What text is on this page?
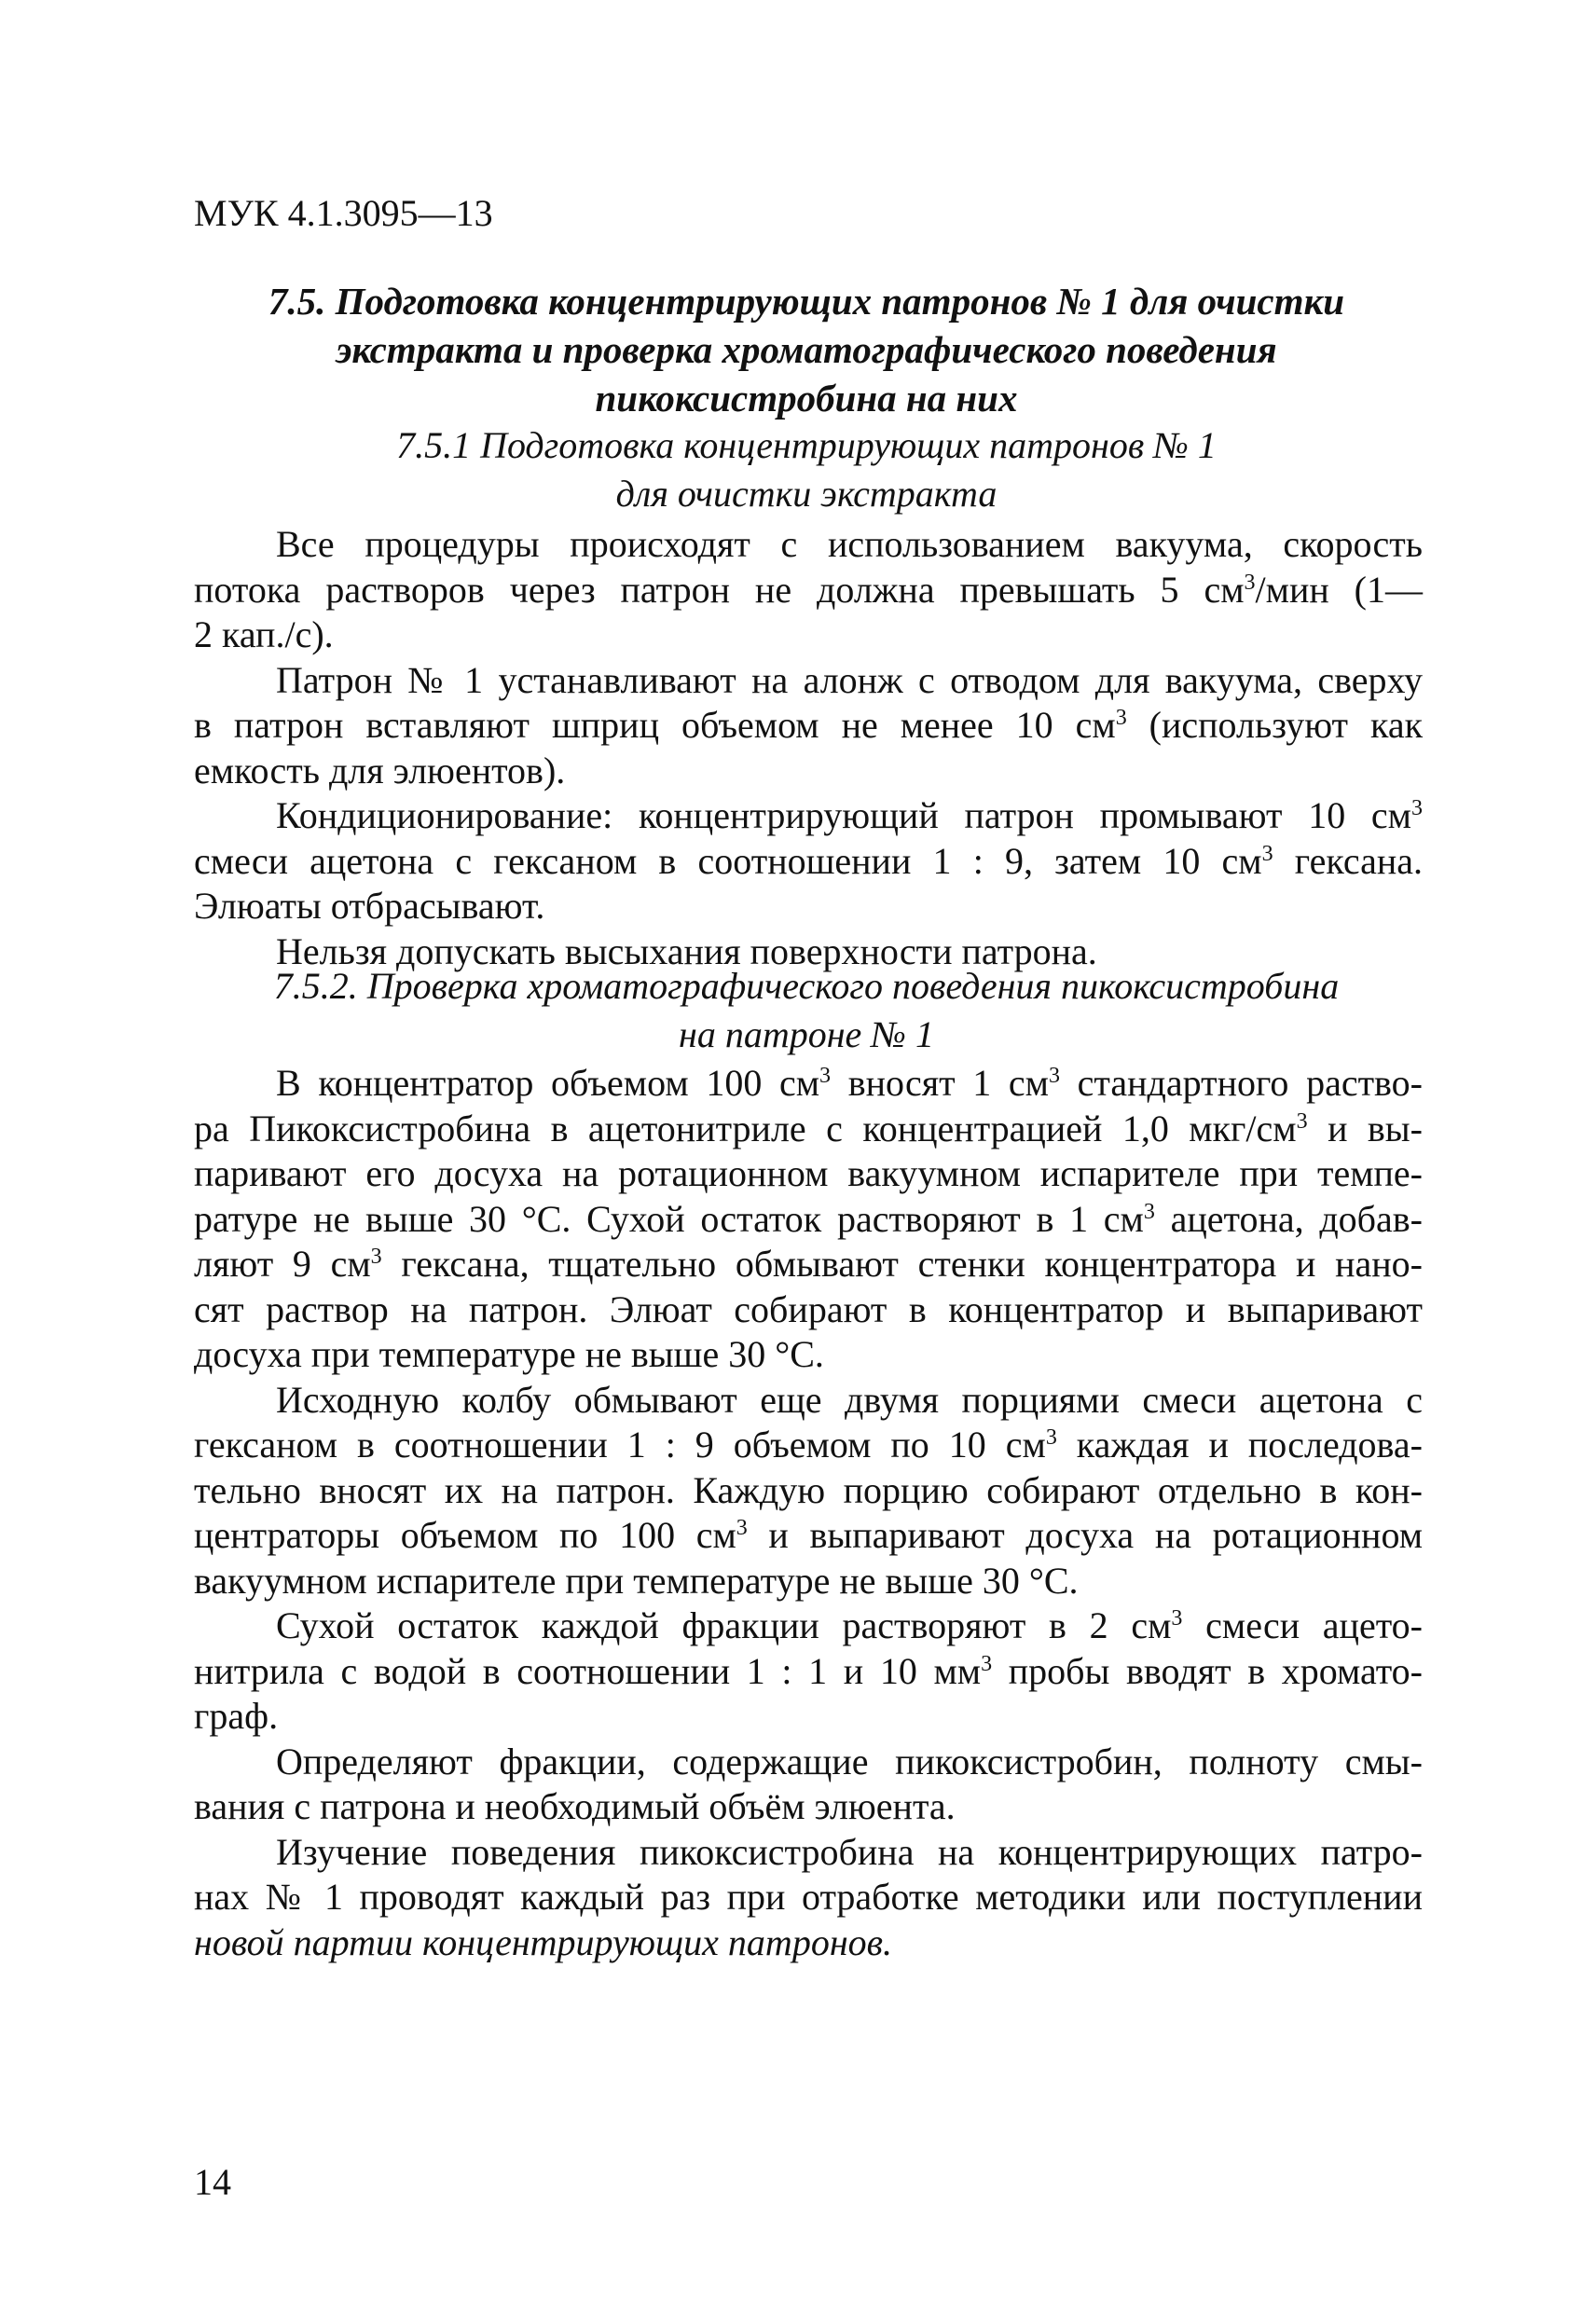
МУК 4.1.3095—13
7.5. Подготовка концентрирующих патронов № 1 для очистки
экстракта и проверка хроматографического поведения
пикоксистробина на них
7.5.1 Подготовка концентрирующих патронов № 1
для очистки экстракта
Все процедуры происходят с использованием вакуума, скорость
потока растворов через патрон не должна превышать 5 $см^3$/мин (1—
2 кап./с).
Патрон № 1 устанавливают на алонж с отводом для вакуума, сверху
в патрон вставляют шприц объемом не менее 10 $см^3$ (используют как
емкость для элюентов).
Кондиционирование: концентрирующий патрон промывают 10 $см^3$
смеси ацетона с гексаном в соотношении 1 : 9, затем 10 $см^3$ гексана.
Элюаты отбрасывают.
Нельзя допускать высыхания поверхности патрона.
7.5.2. Проверка хроматографического поведения пикоксистробина
на патроне № 1
В концентратор объемом 100 $см^3$ вносят 1 $см^3$ стандартного раство-
ра Пикоксистробина в ацетонитриле с концентрацией 1,0 мкг/$см^3$ и вы-
паривают его досуха на ротационном вакуумном испарителе при темпе-
ратуре не выше 30 °С. Сухой остаток растворяют в 1 $см^3$ ацетона, добав-
ляют 9 $см^3$ гексана, тщательно обмывают стенки концентратора и нано-
сят раствор на патрон. Элюат собирают в концентратор и выпаривают
досуха при температуре не выше 30 °С.
Исходную колбу обмывают еще двумя порциями смеси ацетона с
гексаном в соотношении 1 : 9 объемом по 10 $см^3$ каждая и последова-
тельно вносят их на патрон. Каждую порцию собирают отдельно в кон-
центраторы объемом по 100 $см^3$ и выпаривают досуха на ротационном
вакуумном испарителе при температуре не выше 30 °С.
Сухой остаток каждой фракции растворяют в 2 $см^3$ смеси ацето-
нитрила с водой в соотношении 1 : 1 и 10 $мм^3$ пробы вводят в хромато-
граф.
Определяют фракции, содержащие пикоксистробин, полноту смы-
вания с патрона и необходимый объём элюента.
Изучение поведения пикоксистробина на концентрирующих патро-
нах № 1 проводят каждый раз при отработке методики или поступлении
новой партии концентрирующих патронов.
14
